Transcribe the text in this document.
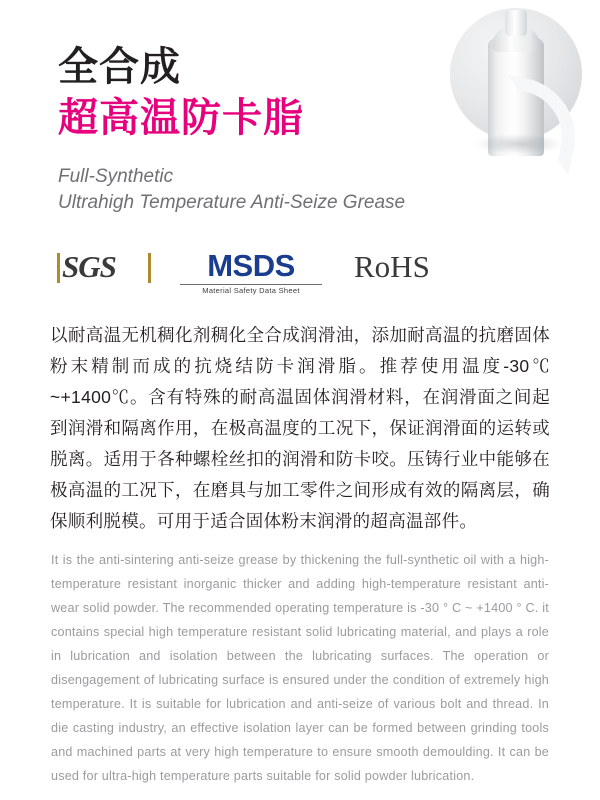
全合成
超高温防卡脂
Full-Synthetic
Ultrahigh Temperature Anti-Seize Grease
SGS	MSDS
Material Safety Data Sheet
RoHS
以耐高温无机稠化剂稠化全合成润滑油，添加耐高温的抗磨固体粉末精制而成的抗烧结防卡润滑脂。推荐使用温度-30℃ ~+1400℃。含有特殊的耐高温固体润滑材料，在润滑面之间起到润滑和隔离作用，在极高温度的工况下，保证润滑面的运转或脱离。适用于各种螺栓丝扣的润滑和防卡咬。压铸行业中能够在极高温的工况下，在磨具与加工零件之间形成有效的隔离层，确保顺利脱模。可用于适合固体粉末润滑的超高温部件。
It is the anti-sintering anti-seize grease by thickening the full-synthetic oil with a high-temperature resistant inorganic thicker and adding high-temperature resistant anti-wear solid powder. The recommended operating temperature is -30 ° C ~ +1400 ° C. it contains special high temperature resistant solid lubricating material, and plays a role in lubrication and isolation between the lubricating surfaces. The operation or disengagement of lubricating surface is ensured under the condition of extremely high temperature. It is suitable for lubrication and anti-seize of various bolt and thread. In die casting industry, an effective isolation layer can be formed between grinding tools and machined parts at very high temperature to ensure smooth demoulding. It can be used for ultra-high temperature parts suitable for solid powder lubrication.
